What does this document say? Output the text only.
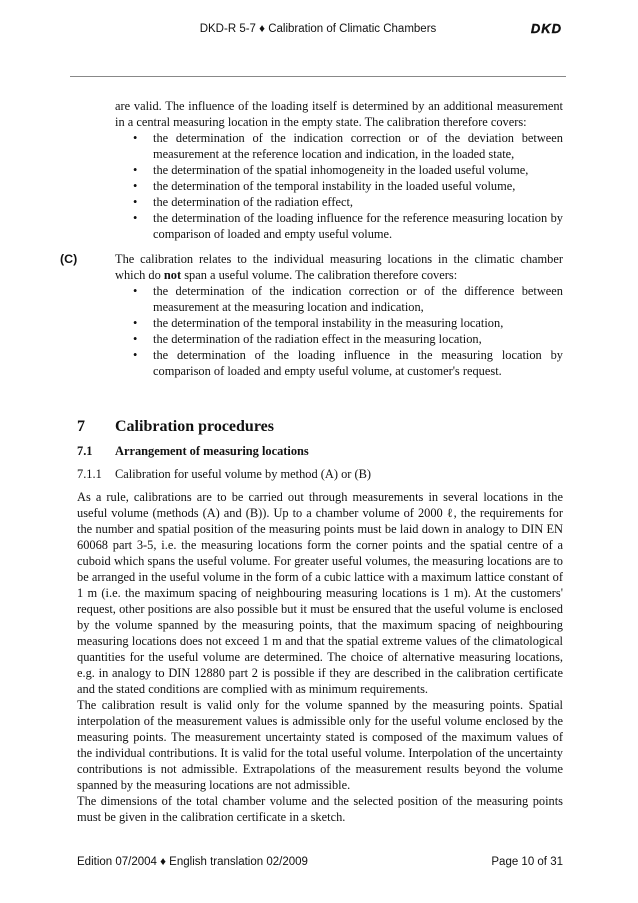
DKD-R 5-7 ♦ Calibration of Climatic Chambers	DKD

are valid. The influence of the loading itself is determined by an additional measurement in a central measuring location in the empty state. The calibration therefore covers:

• the determination of the indication correction or of the deviation between measurement at the reference location and indication, in the loaded state,
• the determination of the spatial inhomogeneity in the loaded useful volume,
• the determination of the temporal instability in the loaded useful volume,
• the determination of the radiation effect,
• the determination of the loading influence for the reference measuring location by comparison of loaded and empty useful volume.
(C)	The calibration relates to the individual measuring locations in the climatic chamber which do not span a useful volume. The calibration therefore covers:

• the determination of the indication correction or of the difference between measurement at the measuring location and indication,
• the determination of the temporal instability in the measuring location,
• the determination of the radiation effect in the measuring location,
• the determination of the loading influence in the measuring location by comparison of loaded and empty useful volume, at customer's request.
7 Calibration procedures
7.1 Arrangement of measuring locations
7.1.1 Calibration for useful volume by method (A) or (B)

As a rule, calibrations are to be carried out through measurements in several locations in the useful volume (methods (A) and (B)). Up to a chamber volume of 2000 ℓ, the requirements for the number and spatial position of the measuring points must be laid down in analogy to DIN EN 60068 part 3-5, i.e. the measuring locations form the corner points and the spatial centre of a cuboid which spans the useful volume. For greater useful volumes, the measuring locations are to be arranged in the useful volume in the form of a cubic lattice with a maximum lattice constant of 1 m (i.e. the maximum spacing of neighbouring measuring locations is 1 m). At the customers' request, other positions are also possible but it must be ensured that the useful volume is enclosed by the volume spanned by the measuring points, that the maximum spacing of neighbouring measuring locations does not exceed 1 m and that the spatial extreme values of the climatological quantities for the useful volume are determined. The choice of alternative measuring locations, e.g. in analogy to DIN 12880 part 2 is possible if they are described in the calibration certificate and the stated conditions are complied with as minimum requirements.

The calibration result is valid only for the volume spanned by the measuring points. Spatial interpolation of the measurement values is admissible only for the useful volume enclosed by the measuring points. The measurement uncertainty stated is composed of the maximum values of the individual contributions. It is valid for the total useful volume. Interpolation of the uncertainty contributions is not admissible. Extrapolations of the measurement results beyond the volume spanned by the measuring locations are not admissible.

The dimensions of the total chamber volume and the selected position of the measuring points must be given in the calibration certificate in a sketch.

Edition 07/2004 ♦ English translation 02/2009	Page 10 of 31
